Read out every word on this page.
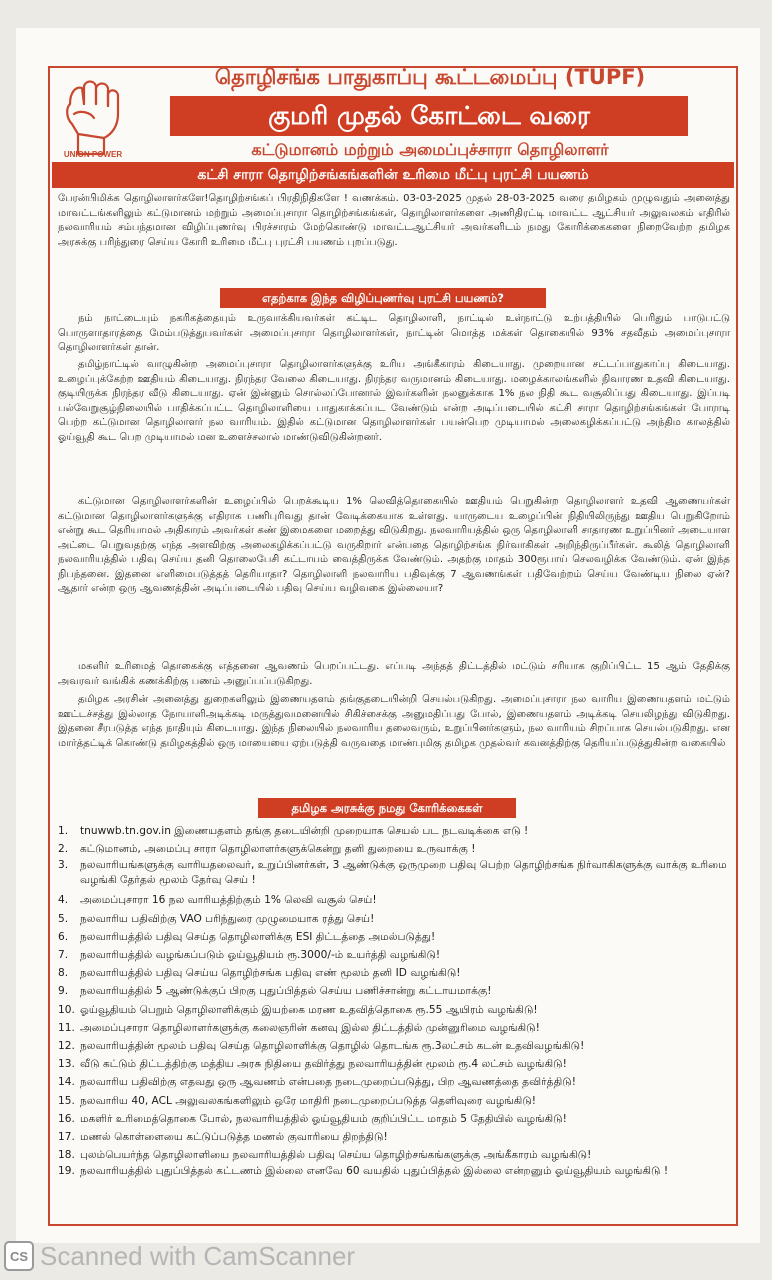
UNION POWER
தொழிசங்க பாதுகாப்பு கூட்டமைப்பு (TUPF)
குமரி முதல் கோட்டை வரை
கட்டுமானம் மற்றும் அமைப்புச்சாரா தொழிலாளர்
கட்சி சாரா தொழிற்சங்கங்களின் உரிமை மீட்பு புரட்சி பயணம்
பேரன்பிமிக்க தொழிலாளர்களே!தொழிற்சங்கப் பிரதிநிதிகளே ! வணக்கம். 03-03-2025 முதல் 28-03-2025 வரை தமிழகம் முழுவதும் அனைத்து மாவட்டங்களிலும் கட்டுமானம் மற்றும் அமைப்புசாரா தொழிற்சங்கங்கள், தொழிலாளர்களை அணிதிரட்டி மாவட்ட ஆட்சியர் அலுவலகம் எதிரில் நலவாரியம் சம்பந்தமான விழிப்புணர்வு பிரச்சாரம் மேற்கொண்டு மாவட்டஆட்சியர் அவர்களிடம் நமது கோரிக்கைகளை நிறைவேற்ற தமிழக அரசுக்கு பரிந்துரை செய்ய கோரி உரிமை மீட்பு புரட்சி பயணம் புறப்படுது.
எதற்காக இந்த விழிப்புணர்வு புரட்சி பயணம்?
நம் நாட்டையும் நகரிகத்தையும் உருவாக்கியவர்கள் கட்டிட தொழிலாளி, நாட்டில் உள்நாட்டு உற்பத்தியில் பெரிதும் பாடுபட்டு பொருளாதாரத்தை மேம்படுத்துபவர்கள் அமைப்புசாரா தொழிலாளர்கள், நாட்டின் மொத்த மக்கள் தொகையில் 93% சதவீதம் அமைப்புசாரா தொழிலாளர்கள் தான்.
தமிழ்நாட்டில் வாழுகின்ற அமைப்புசாரா தொழிலாளர்களுக்கு உரிய அங்கீகாரம் கிடையாது. முறையான சட்டப்பாதுகாப்பு கிடையாது. உழைப்புக்கேற்ற ஊதியம் கிடையாது. நிரந்தர வேலை கிடையாது. நிரந்தர வருமானம் கிடையாது. மழைக்காலங்களில் நிவாரண உதவி கிடையாது. குடியிருக்க நிரந்தர வீடு கிடையாது. ஏன் இன்னும் சொல்லப்போனால் இவர்களின் நலனுக்காக 1% நல நிதி கூட வசூலிப்பது கிடையாது. இப்படி பல்வேறுசூழ்நிலையில் பாதிக்கப்பட்ட தொழிலாளியை பாதுகாக்கப்பட வேண்டும் என்ற அடிப்படையில் கட்சி சாரா தொழிற்சங்கங்கள் போராடி பெற்ற கட்டுமான தொழிலாளர் நல வாரியம். இதில் கட்டுமான தொழிலாளர்கள் பயன்பெற முடியாமல் அலைகழிக்கப்பட்டு அந்திம காலத்தில் ஓய்வூதி கூட பெற முடியாமல் மன உளைச்சலால் மாண்டுவிடுகின்றனர்.
கட்டுமான தொழிலாளர்களின் உழைப்பில் பெறக்கூடிய 1% லெவித்தொகையில் ஊதியம் பெறுகின்ற தொழிலாளர் உதவி ஆணையர்கள் கட்டுமான தொழிலாளர்களுக்கு எதிராக பணிபுரிவது தான் வேடிக்கையாக உள்ளது. யாருடைய உழைப்பின் நிதியிலிருந்து ஊதிய பெறுகிறோம் என்று கூட தெரியாமல் அதிகாரம் அவர்கள் கண் இமைகளை மறைத்து விடுகிறது. நலவாரியத்தில் ஒரு தொழிலாளி சாதாரண உறுப்பினர் அடையாள அட்டை பெறுவதற்கு எந்த அளவிற்கு அலைகழிக்கப்பட்டு வருகிறார் என்பதை தொழிற்சங்க நிர்வாகிகள் அறிந்திருப்பீர்கள். கூலித் தொழிலாளி நலவாரியத்தில் பதிவு செய்ய தனி தொலைபேசி கட்டாயம் வைத்திருக்க வேண்டும். அதற்கு மாதம் 300ரூபாய் செலவழிக்க வேண்டும். ஏன் இந்த நிபந்தனை. இதனை எளிமைபடுத்தத் தெரியாதா? தொழிலாளி நலவாரிய பதிவுக்கு 7 ஆவணங்கள் பதிவேற்றம் செய்ய வேண்டிய நிலை ஏன்? ஆதார் என்ற ஒரு ஆவணத்தின் அடிப்படையில் பதிவு செய்ய வழிவகை இல்லையா?
மகளிர் உரிமைத் தொகைக்கு எத்தனை ஆவணம் பெறப்பட்டது. எப்படி அந்தத் திட்டத்தில் மட்டும் சரியாக குறிப்பிட்ட 15 ஆம் தேதிக்கு அவரவர் வங்கிக் கணக்கிற்கு பணம் அனுப்பப்படுகிறது.
தமிழக அரசின் அனைத்து துறைகளிலும் இணையதளம் தங்குதடையின்றி செயல்படுகிறது. அமைப்புசாரா நல வாரிய இணையதளம் மட்டும் ஊட்டச்சத்து இல்லாத நோயாளிஅடிக்கடி மருத்துவமனையில் சிகிச்சைக்கு அனுமதிப்பது போல், இணையதளம் அடிக்கடி செயலிழந்து விடுகிறது. இதனை சீரபடுத்த எந்த நாதியும் கிடையாது. இந்த நிலையில் நலவாரிய தலைவரும், உறுப்பினர்களும், நல வாரியம் சிறப்பாக செயல்படுகிறது. என மார்த்தட்டிக் கொண்டு தமிழகத்தில் ஒரு மாயையை ஏற்படுத்தி வருவதை மாண்புமிகு தமிழக முதல்வர் கவனத்திற்கு தெரியப்படுத்துகின்ற வகையில்
தமிழக அரசுக்கு நமது கோரிக்கைகள்
1.	tnuwwb.tn.gov.in இணையதளம் தங்கு தடையின்றி முறையாக செயல் பட நடவடிக்கை எடு !
2.	கட்டுமானம், அமைப்பு சாரா தொழிலாளர்களுக்கென்று தனி துறையை உருவாக்கு !
3.	நலவாரியங்களுக்கு வாரியதலைவர், உறுப்பினர்கள், 3 ஆண்டுக்கு ஒருமுறை பதிவு பெற்ற தொழிற்சங்க நிர்வாகிகளுக்கு வாக்கு உரிமை வழங்கி தேர்தல் மூலம் தேர்வு செய் !
4.	அமைப்புசாரா 16 நல வாரியத்திற்கும் 1% லெவி வசூல் செய்!
5.	நலவாரிய பதிவிற்கு VAO பரிந்துரை முழுமையாக ரத்து செய்!
6.	நலவாரியத்தில் பதிவு செய்த தொழிலாளிக்கு ESI திட்டத்தை அமல்படுத்து!
7.	நலவாரியத்தில் வழங்கப்படும் ஓய்வூதியம் ரூ.3000/-ம் உயர்த்தி வழங்கிடு!
8.	நலவாரியத்தில் பதிவு செய்ய தொழிற்சங்க பதிவு எண் மூலம் தனி ID வழங்கிடு!
9.	நலவாரியத்தில் 5 ஆண்டுக்குப் பிறகு புதுப்பித்தல் செய்ய பணிச்சான்று கட்டாயமாக்கு!
10. ஓய்வூதியம் பெறும் தொழிலாளிக்கும் இயற்கை மரண உதவித்தொகை ரூ.55 ஆயிரம் வழங்கிடு!
11. அமைப்புசாரா தொழிலாளர்களுக்கு கலைஞரின் கனவு இல்ல திட்டத்தில் முன்னுரிமை வழங்கிடு!
12. நலவாரியத்தின் மூலம் பதிவு செய்த தொழிலாளிக்கு தொழில் தொடங்க ரூ.3லட்சம் கடன் உதவிவழங்கிடு!
13. வீடு கட்டும் திட்டத்திற்கு மத்திய அரசு நிதியை தவிர்த்து நலவாரியத்தின் மூலம் ரூ.4 லட்சம் வழங்கிடு!
14. நலவாரிய பதிவிற்கு எதவது ஒரு ஆவணம் என்பதை நடைமுறைப்படுத்து, பிற ஆவணத்தை தவிர்த்திடு!
15. நலவாரிய 40, ACL அலுவலகங்களிலும் ஒரே மாதிரி நடைமுறைப்படுத்த தெளிவுரை வழங்கிடு!
16. மகளிர் உரிமைத்தொகை போல், நலவாரியத்தில் ஓய்வூதியம் குறிப்பிட்ட மாதம் 5 தேதியில் வழங்கிடு!
17. மணல் கொள்ளையை கட்டுப்படுத்த மணல் குவாரியை திறந்திடு!
18. புலம்பெயர்ந்த தொழிலாளியை நலவாரியத்தில் பதிவு செய்ய தொழிற்சங்கங்களுக்கு அங்கீகாரம் வழங்கிடு!
19. நலவாரியத்தில் புதுப்பித்தல் கட்டணம் இல்லை எனவே 60 வயதில் புதுப்பித்தல் இல்லை என்றனும் ஓய்வூதியம் வழங்கிடு !
CS Scanned with CamScanner
